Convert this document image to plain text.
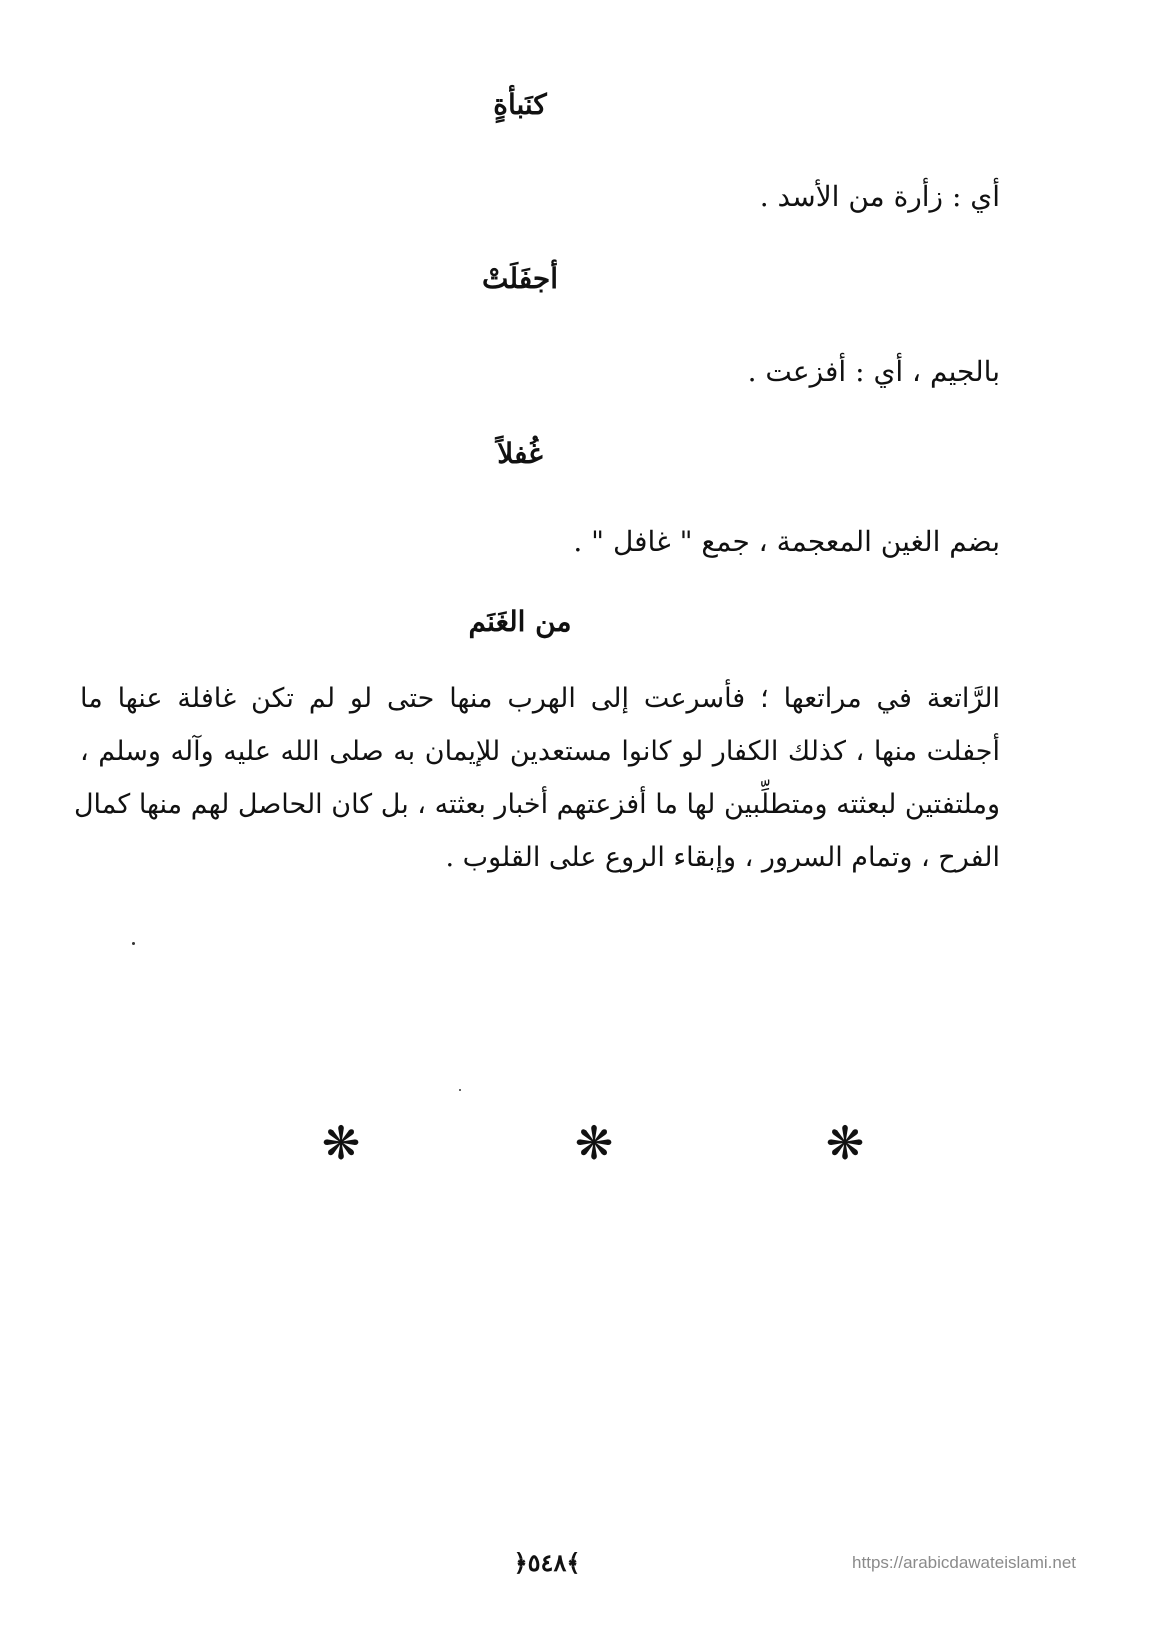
كنَبأةٍ
أي : زأرة من الأسد .
أجفَلَتْ
بالجيم ، أي : أفزعت .
غُفلاً
بضم الغين المعجمة ، جمع " غافل " .
من الغَنَم
الرَّاتعة في مراتعها ؛ فأسرعت إلى الهرب منها حتى لو لم تكن غافلة عنها ما
أجفلت منها ، كذلك الكفار لو كانوا مستعدين للإيمان به صلى الله عليه وآله وسلم ،
وملتفتين لبعثته ومتطلِّبين لها ما أفزعتهم أخبار بعثته ، بل كان الحاصل لهم منها كمال
الفرح ، وتمام السرور ، وإبقاء الروع على القلوب .
❋	❋	❋
﴿٥٤٨﴾	https://arabicdawateislami.net
